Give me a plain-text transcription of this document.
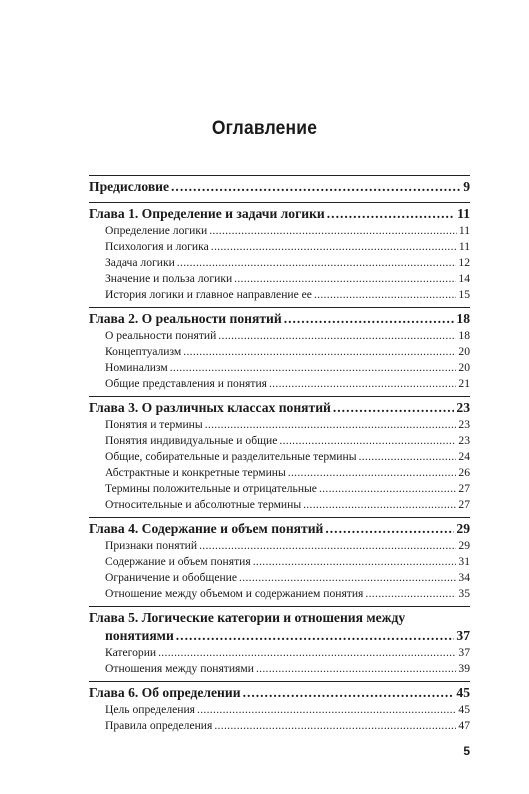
Оглавление
Предисловие .....	9
Глава 1. Определение и задачи логики .....	11
Определение логики .....	11
Психология и логика .....	11
Задача логики .....	12
Значение и польза логики .....	14
История логики и главное направление ее .....	15
Глава 2. О реальности понятий .....	18
О реальности понятий .....	18
Концептуализм .....	20
Номинализм .....	20
Общие представления и понятия .....	21
Глава 3. О различных классах понятий .....	23
Понятия и термины .....	23
Понятия индивидуальные и общие .....	23
Общие, собирательные и разделительные термины .....	24
Абстрактные и конкретные термины .....	26
Термины положительные и отрицательные .....	27
Относительные и абсолютные термины .....	27
Глава 4. Содержание и объем понятий .....	29
Признаки понятий .....	29
Содержание и объем понятия .....	31
Ограничение и обобщение .....	34
Отношение между объемом и содержанием понятия .....	35
Глава 5. Логические категории и отношения между
понятиями .....	37
Категории .....	37
Отношения между понятиями .....	39
Глава 6. Об определении .....	45
Цель определения .....	45
Правила определения .....	47
5
